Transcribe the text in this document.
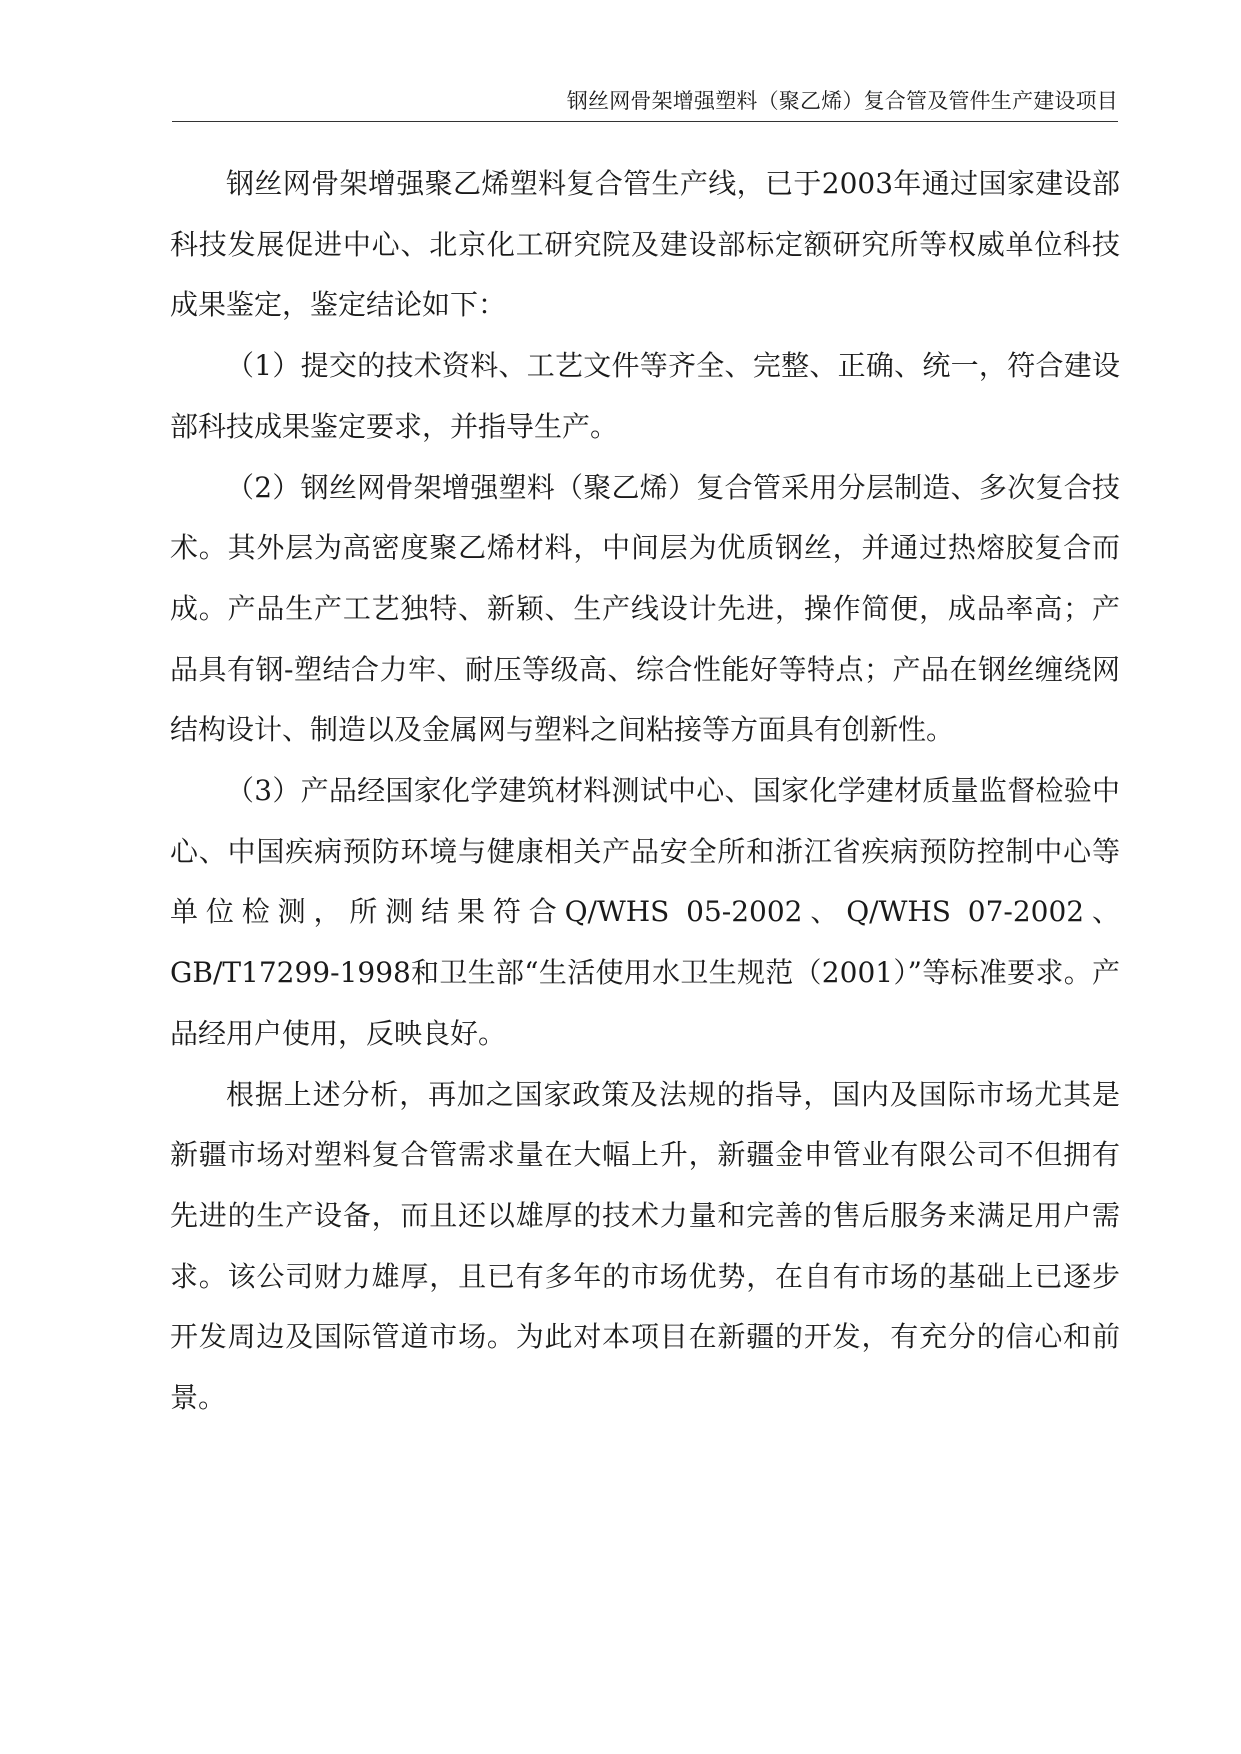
钢丝网骨架增强塑料（聚乙烯）复合管及管件生产建设项目

钢丝网骨架增强聚乙烯塑料复合管生产线，已于2003年通过国家建设部科技发展促进中心、北京化工研究院及建设部标定额研究所等权威单位科技成果鉴定，鉴定结论如下：

（1）提交的技术资料、工艺文件等齐全、完整、正确、统一，符合建设部科技成果鉴定要求，并指导生产。

（2）钢丝网骨架增强塑料（聚乙烯）复合管采用分层制造、多次复合技术。其外层为高密度聚乙烯材料，中间层为优质钢丝，并通过热熔胶复合而成。产品生产工艺独特、新颖、生产线设计先进，操作简便，成品率高；产品具有钢-塑结合力牢、耐压等级高、综合性能好等特点；产品在钢丝缠绕网结构设计、制造以及金属网与塑料之间粘接等方面具有创新性。

（3）产品经国家化学建筑材料测试中心、国家化学建材质量监督检验中心、中国疾病预防环境与健康相关产品安全所和浙江省疾病预防控制中心等单位检测，所测结果符合Q/WHS 05-2002、Q/WHS 07-2002、GB/T17299-1998和卫生部“生活使用水卫生规范（2001）”等标准要求。产品经用户使用，反映良好。

根据上述分析，再加之国家政策及法规的指导，国内及国际市场尤其是新疆市场对塑料复合管需求量在大幅上升，新疆金申管业有限公司不但拥有先进的生产设备，而且还以雄厚的技术力量和完善的售后服务来满足用户需求。该公司财力雄厚，且已有多年的市场优势，在自有市场的基础上已逐步开发周边及国际管道市场。为此对本项目在新疆的开发，有充分的信心和前景。
